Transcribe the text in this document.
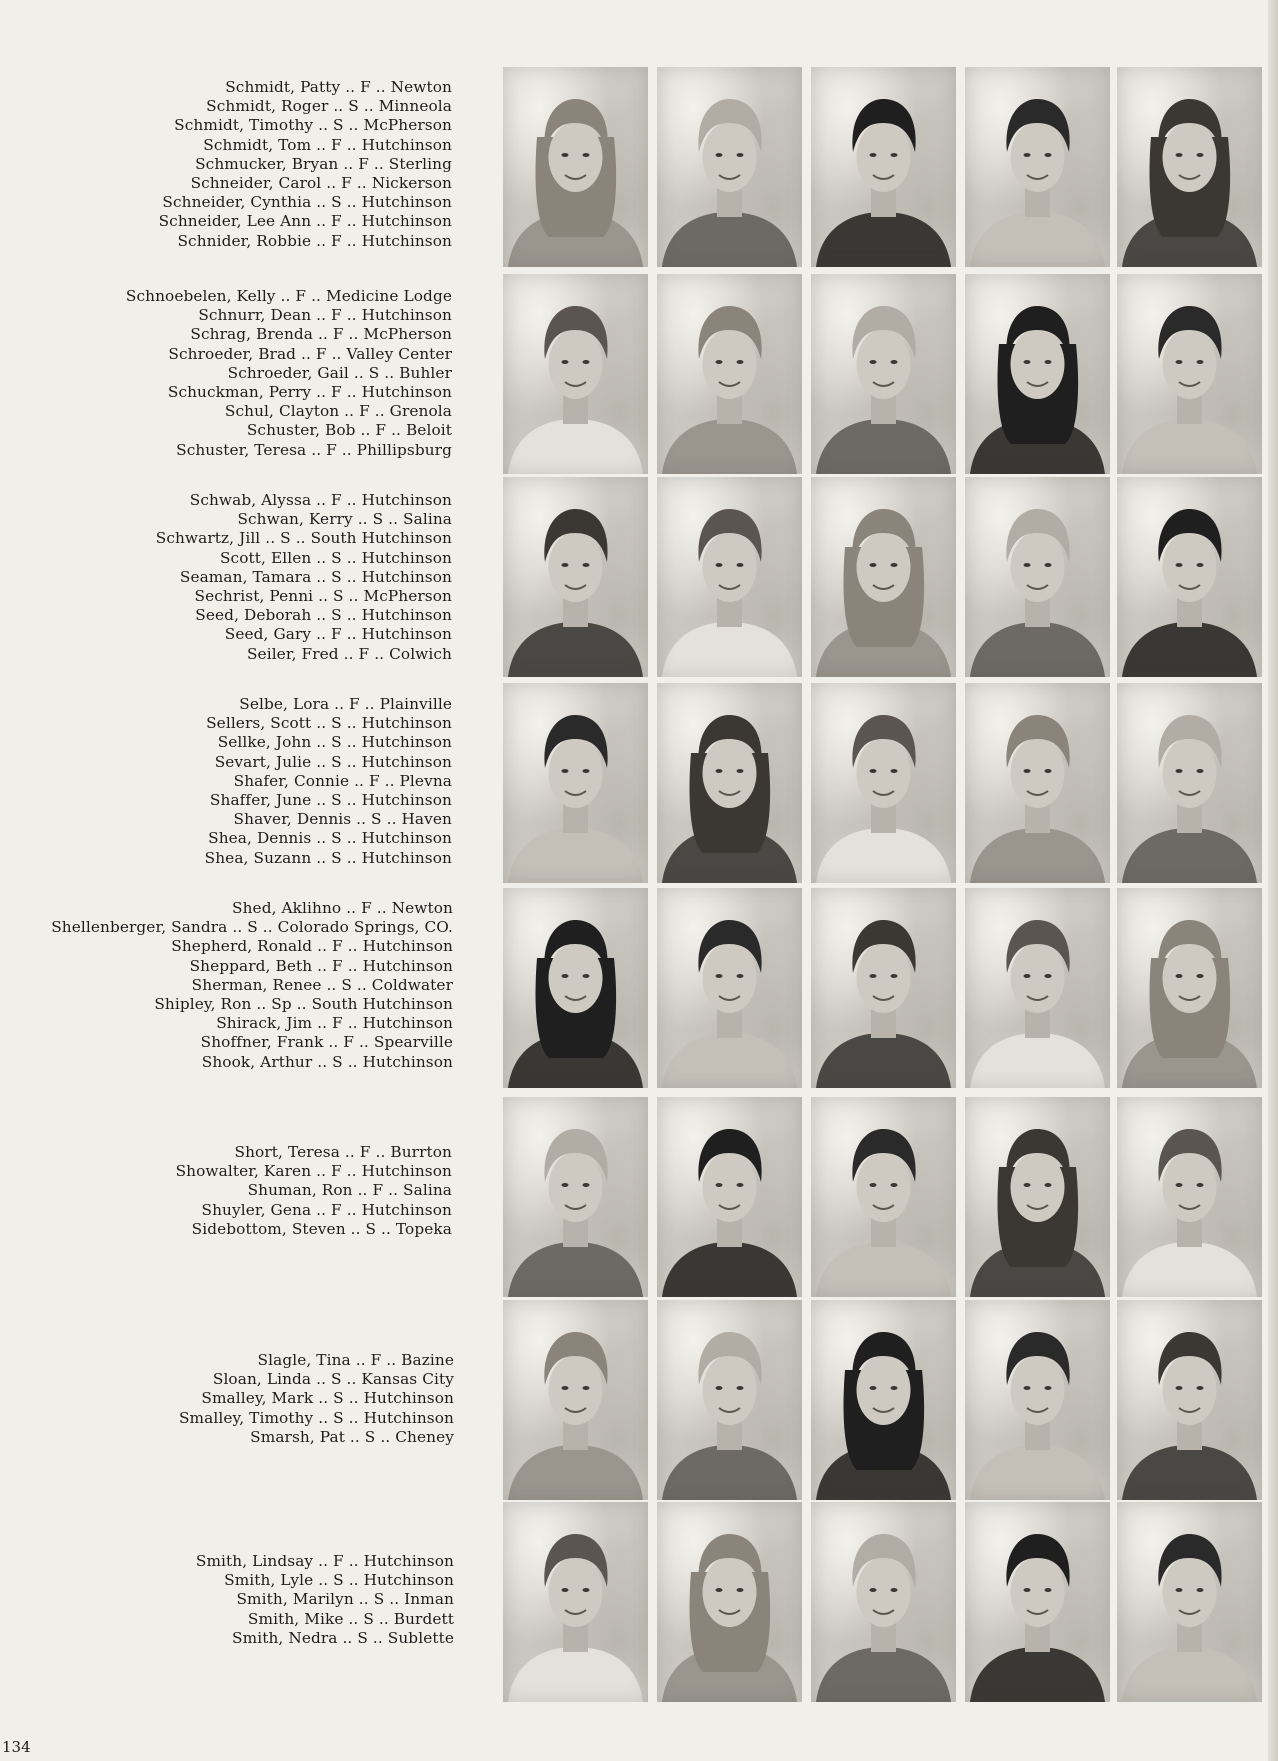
Schmidt, Patty .. F .. Newton
Schmidt, Roger .. S .. Minneola
Schmidt, Timothy .. S .. McPherson
Schmidt, Tom .. F .. Hutchinson
Schmucker, Bryan .. F .. Sterling
Schneider, Carol .. F .. Nickerson
Schneider, Cynthia .. S .. Hutchinson
Schneider, Lee Ann .. F .. Hutchinson
Schnider, Robbie .. F .. Hutchinson
Schnoebelen, Kelly .. F .. Medicine Lodge
Schnurr, Dean .. F .. Hutchinson
Schrag, Brenda .. F .. McPherson
Schroeder, Brad .. F .. Valley Center
Schroeder, Gail .. S .. Buhler
Schuckman, Perry .. F .. Hutchinson
Schul, Clayton .. F .. Grenola
Schuster, Bob .. F .. Beloit
Schuster, Teresa .. F .. Phillipsburg
Schwab, Alyssa .. F .. Hutchinson
Schwan, Kerry .. S .. Salina
Schwartz, Jill .. S .. South Hutchinson
Scott, Ellen .. S .. Hutchinson
Seaman, Tamara .. S .. Hutchinson
Sechrist, Penni .. S .. McPherson
Seed, Deborah .. S .. Hutchinson
Seed, Gary .. F .. Hutchinson
Seiler, Fred .. F .. Colwich
Selbe, Lora .. F .. Plainville
Sellers, Scott .. S .. Hutchinson
Sellke, John .. S .. Hutchinson
Sevart, Julie .. S .. Hutchinson
Shafer, Connie .. F .. Plevna
Shaffer, June .. S .. Hutchinson
Shaver, Dennis .. S .. Haven
Shea, Dennis .. S .. Hutchinson
Shea, Suzann .. S .. Hutchinson
Shed, Aklihno .. F .. Newton
Shellenberger, Sandra .. S .. Colorado Springs, CO.
Shepherd, Ronald .. F .. Hutchinson
Sheppard, Beth .. F .. Hutchinson
Sherman, Renee .. S .. Coldwater
Shipley, Ron .. Sp .. South Hutchinson
Shirack, Jim .. F .. Hutchinson
Shoffner, Frank .. F .. Spearville
Shook, Arthur .. S .. Hutchinson
Short, Teresa .. F .. Burrton
Showalter, Karen .. F .. Hutchinson
Shuman, Ron .. F .. Salina
Shuyler, Gena .. F .. Hutchinson
Sidebottom, Steven .. S .. Topeka
Slagle, Tina .. F .. Bazine
Sloan, Linda .. S .. Kansas City
Smalley, Mark .. S .. Hutchinson
Smalley, Timothy .. S .. Hutchinson
Smarsh, Pat .. S .. Cheney
Smith, Lindsay .. F .. Hutchinson
Smith, Lyle .. S .. Hutchinson
Smith, Marilyn .. S .. Inman
Smith, Mike .. S .. Burdett
Smith, Nedra .. S .. Sublette
134
